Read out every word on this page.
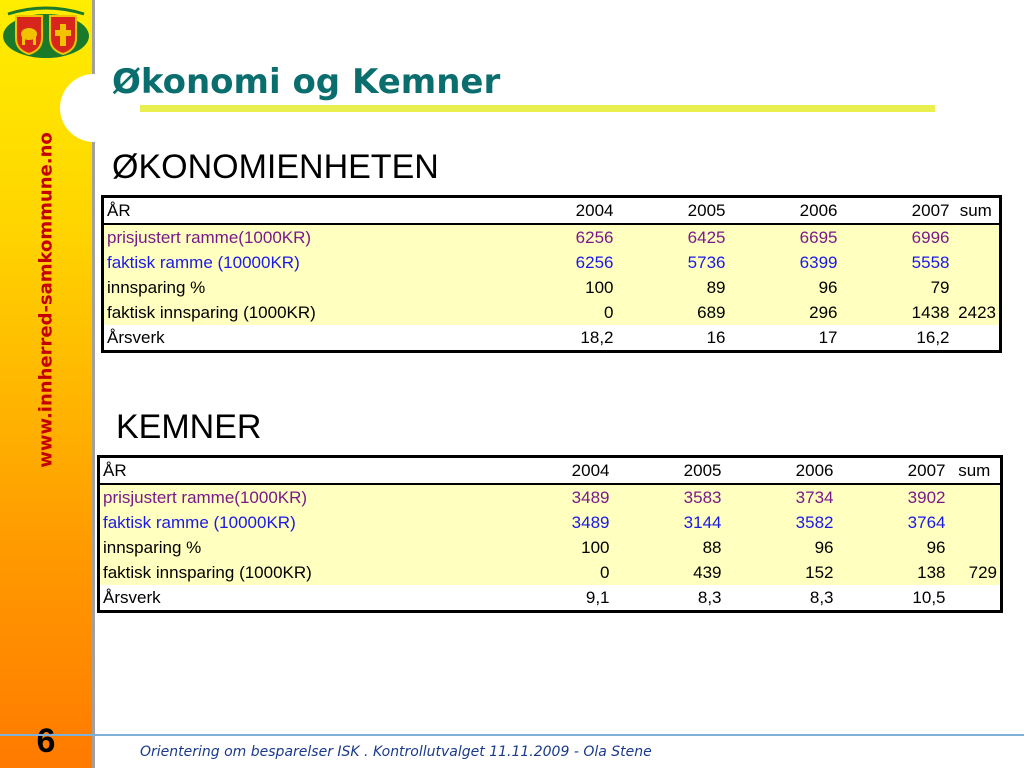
www.innherred-samkommune.no
6
Økonomi og Kemner
ØKONOMIENHETEN
ÅR	2004	2005	2006	2007	sum
prisjustert ramme(1000KR)	6256	6425	6695	6996	
faktisk ramme (10000KR)	6256	5736	6399	5558	
innsparing %	100	89	96	79	
faktisk innsparing (1000KR)	0	689	296	1438	2423
Årsverk	18,2	16	17	16,2	
KEMNER
ÅR	2004	2005	2006	2007	sum
prisjustert ramme(1000KR)	3489	3583	3734	3902	
faktisk ramme (10000KR)	3489	3144	3582	3764	
innsparing %	100	88	96	96	
faktisk innsparing (1000KR)	0	439	152	138	729
Årsverk	9,1	8,3	8,3	10,5	
Orientering om besparelser ISK . Kontrollutvalget 11.11.2009 - Ola Stene
